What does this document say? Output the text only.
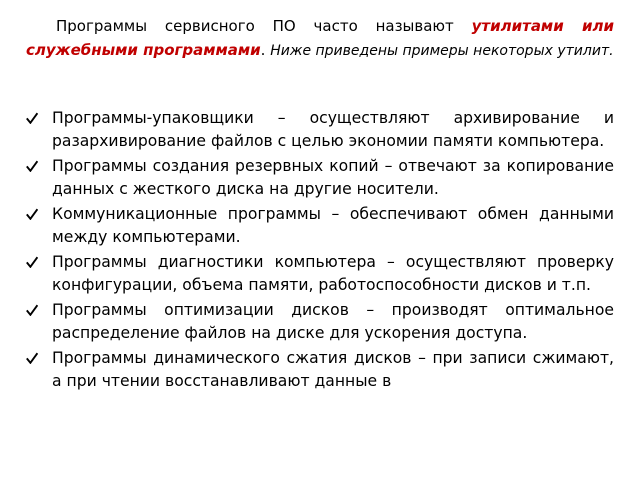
Программы сервисного ПО часто называют утилитами или служебными программами. Ниже приведены примеры некоторых утилит.

Программы-упаковщики – осуществляют архивирование и разархивирование файлов с целью экономии памяти компьютера.
Программы создания резервных копий – отвечают за копирование данных с жесткого диска на другие носители.
Коммуникационные программы – обеспечивают обмен данными между компьютерами.
Программы диагностики компьютера – осуществляют проверку конфигурации, объема памяти, работоспособности дисков и т.п.
Программы оптимизации дисков – производят оптимальное распределение файлов на диске для ускорения доступа.
Программы динамического сжатия дисков – при записи сжимают, а при чтении восстанавливают данные в
